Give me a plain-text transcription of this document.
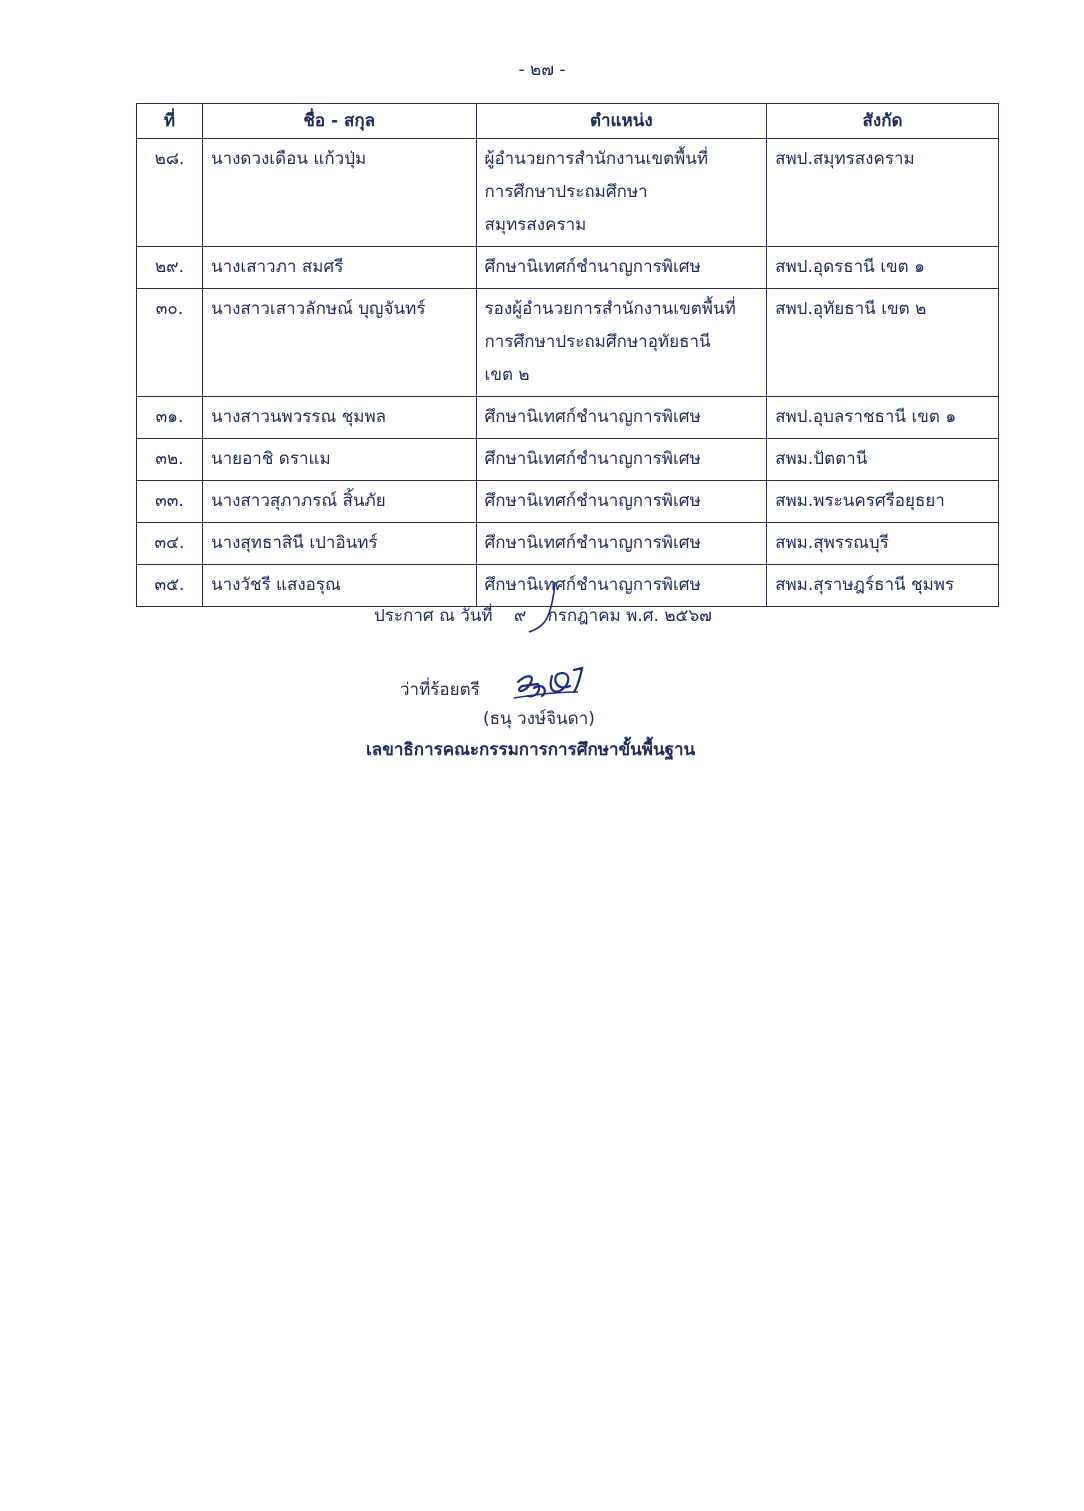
- ๒๗ -
ที่	ชื่อ - สกุล	ตำแหน่ง	สังกัด
๒๘.	นางดวงเดือน แก้วปุ่ม	ผู้อำนวยการสำนักงานเขตพื้นที่
การศึกษาประถมศึกษา
สมุทรสงคราม	สพป.สมุทรสงคราม
๒๙.	นางเสาวภา สมศรี	ศึกษานิเทศก์ชำนาญการพิเศษ	สพป.อุดรธานี เขต ๑
๓๐.	นางสาวเสาวลักษณ์ บุญจันทร์	รองผู้อำนวยการสำนักงานเขตพื้นที่
การศึกษาประถมศึกษาอุทัยธานี
เขต ๒	สพป.อุทัยธานี เขต ๒
๓๑.	นางสาวนพวรรณ ชุมพล	ศึกษานิเทศก์ชำนาญการพิเศษ	สพป.อุบลราชธานี เขต ๑
๓๒.	นายอาชิ ดราแม	ศึกษานิเทศก์ชำนาญการพิเศษ	สพม.ปัตตานี
๓๓.	นางสาวสุภาภรณ์ สิ้นภัย	ศึกษานิเทศก์ชำนาญการพิเศษ	สพม.พระนครศรีอยุธยา
๓๔.	นางสุทธาสินี เปาอินทร์	ศึกษานิเทศก์ชำนาญการพิเศษ	สพม.สุพรรณบุรี
๓๕.	นางวัชรี แสงอรุณ	ศึกษานิเทศก์ชำนาญการพิเศษ	สพม.สุราษฎร์ธานี ชุมพร
ประกาศ ณ วันที่ ๙ กรกฎาคม พ.ศ. ๒๕๖๗
ว่าที่ร้อยตรี
(ธนุ วงษ์จินดา)
เลขาธิการคณะกรรมการการศึกษาขั้นพื้นฐาน
